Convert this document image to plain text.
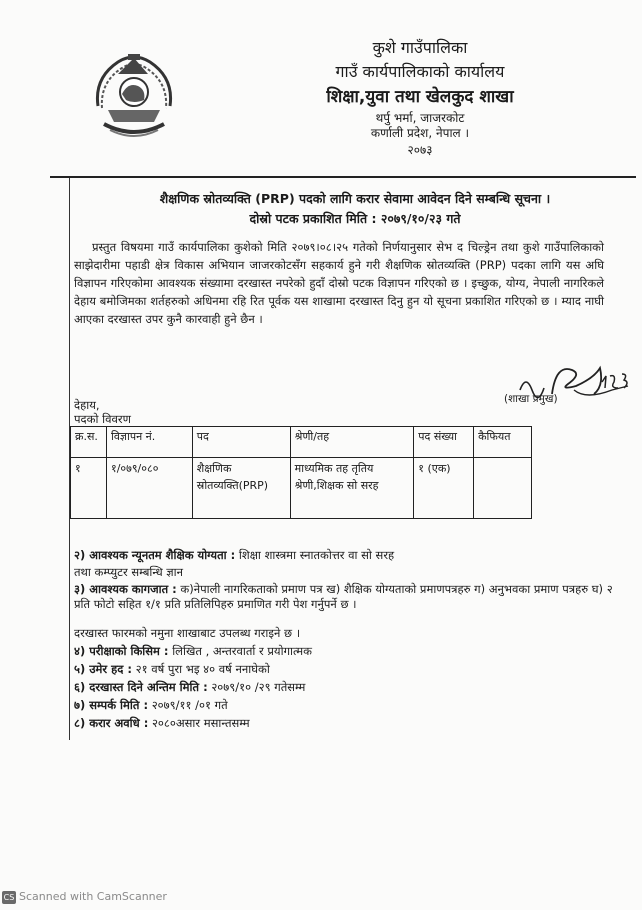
कुशे गाउँपालिका
गाउँ कार्यपालिकाको कार्यालय
शिक्षा,युवा तथा खेलकुद शाखा
थर्पु भर्मा, जाजरकोट
कर्णाली प्रदेश, नेपाल ।
२०७३
शैक्षणिक स्रोतव्यक्ति (PRP) पदको लागि करार सेवामा आवेदन दिने सम्बन्धि सूचना ।
दोस्रो पटक प्रकाशित मिति : २०७९/१०/२३ गते

प्रस्तुत विषयमा गाउँ कार्यपालिका कुशेको मिति २०७९।०८।२५ गतेको निर्णयानुसार सेभ द चिल्ड्रेन तथा कुशे गाउँपालिकाको साझेदारीमा पहाडी क्षेत्र विकास अभियान जाजरकोटसँग सहकार्य हुने गरी शैक्षणिक स्रोतव्यक्ति (PRP) पदका लागि यस अघि विज्ञापन गरिएकोमा आवश्यक संख्यामा दरखास्त नपरेको हुदाँ दोस्रो पटक विज्ञापन गरिएको छ । इच्छुक, योग्य, नेपाली नागरिकले देहाय बमोजिमका शर्तहरुको अधिनमा रहि रित पूर्वक यस शाखामा दरखास्त दिनु हुन यो सूचना प्रकाशित गरिएको छ । म्याद नाघी आएका दरखास्त उपर कुनै कारवाही हुने छैन ।

(शाखा प्रमुख)
देहाय,
पदको विवरण
क्र.स.	विज्ञापन नं.	पद	श्रेणी/तह	पद संख्या	कैफियत
१	१/०७९/०८०	शैक्षणिक स्रोतव्यक्ति(PRP)	माध्यमिक तह तृतिय श्रेणी,शिक्षक सो सरह	१ (एक)	
२) आवश्यक न्यूनतम शैक्षिक योग्यता : शिक्षा शास्त्रमा स्नातकोत्तर वा सो सरह
तथा कम्प्युटर सम्बन्धि ज्ञान
३) आवश्यक कागजात : क)नेपाली नागरिकताको प्रमाण पत्र ख) शैक्षिक योग्यताको प्रमाणपत्रहरु ग) अनुभवका प्रमाण पत्रहरु घ) २ प्रति फोटो सहित १/१ प्रति प्रतिलिपिहरु प्रमाणित गरी पेश गर्नुपर्ने छ ।
दरखास्त फारमको नमुना शाखाबाट उपलब्ध गराइने छ ।
४) परीक्षाको किसिम : लिखित , अन्तरवार्ता र प्रयोगात्मक
५) उमेर हद : २१ वर्ष पुरा भइ ४० वर्ष ननाघेको
६) दरखास्त दिने अन्तिम मिति : २०७९/१० /२९ गतेसम्म
७) सम्पर्क मिति : २०७९/११ /०१ गते
८) करार अवधि : २०८०असार मसान्तसम्म
CS Scanned with CamScanner
